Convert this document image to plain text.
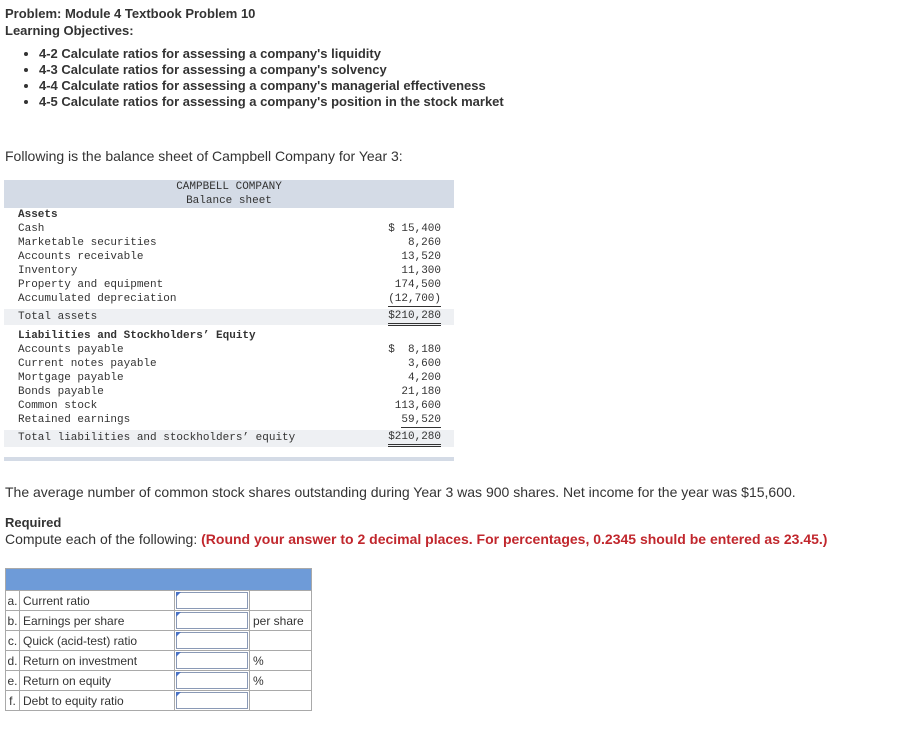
Problem: Module 4 Textbook Problem 10
Learning Objectives:
• 4-2 Calculate ratios for assessing a company's liquidity
• 4-3 Calculate ratios for assessing a company's solvency
• 4-4 Calculate ratios for assessing a company's managerial effectiveness
• 4-5 Calculate ratios for assessing a company's position in the stock market
Following is the balance sheet of Campbell Company for Year 3:
CAMPBELL COMPANY
Balance sheet
Assets
Cash	$ 15,400
Marketable securities	8,260
Accounts receivable	13,520
Inventory	11,300
Property and equipment	174,500
Accumulated depreciation	(12,700)
Total assets	$210,280
Liabilities and Stockholders’ Equity
Accounts payable	$  8,180
Current notes payable	3,600
Mortgage payable	4,200
Bonds payable	21,180
Common stock	113,600
Retained earnings	59,520
Total liabilities and stockholders’ equity	$210,280
The average number of common stock shares outstanding during Year 3 was 900 shares. Net income for the year was $15,600.
Required
Compute each of the following: (Round your answer to 2 decimal places. For percentages, 0.2345 should be entered as 23.45.)

a.	Current ratio	

b.	Earnings per share		per share
c.	Quick (acid-test) ratio	

d.	Return on investment		%
e.	Return on equity		%
f.	Debt to equity ratio	
